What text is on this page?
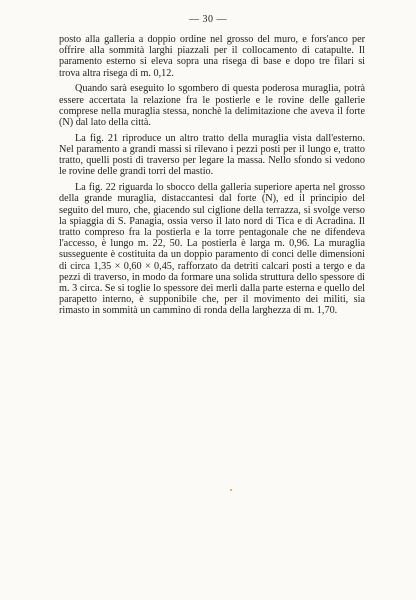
— 30 —

posto alla galleria a doppio ordine nel grosso del muro, e fors'anco per offrire alla sommità larghi piazzali per il collocamento di catapulte. Il paramento esterno si eleva sopra una risega di base e dopo tre filari si trova altra risega di m. 0,12.

Quando sarà eseguito lo sgombero di questa poderosa muraglia, potrà essere accertata la relazione fra le postierle e le rovine delle gallerie comprese nella muraglia stessa, nonchè la delimitazione che aveva il forte (N) dal lato della città.

La fig. 21 riproduce un altro tratto della muraglia vista dall'esterno. Nel paramento a grandi massi si rilevano i pezzi posti per il lungo e, tratto tratto, quelli posti di traverso per legare la massa. Nello sfondo si vedono le rovine delle grandi torri del mastio.

La fig. 22 riguarda lo sbocco della galleria superiore aperta nel grosso della grande muraglia, distaccantesi dal forte (N), ed il principio del seguito del muro, che, giacendo sul ciglione della terrazza, si svolge verso la spiaggia di S. Panagia, ossia verso il lato nord di Tica e di Acradina. Il tratto compreso fra la postierla e la torre pentagonale che ne difendeva l'accesso, è lungo m. 22, 50. La postierla è larga m. 0,96. La muraglia susseguente è costituita da un doppio paramento di conci delle dimensioni di circa 1,35 × 0,60 × 0,45, rafforzato da detriti calcari posti a tergo e da pezzi di traverso, in modo da formare una solida struttura dello spessore di m. 3 circa. Se si toglie lo spessore dei merli dalla parte esterna e quello del parapetto interno, è supponibile che, per il movimento dei militi, sia rimasto in sommità un cammino di ronda della larghezza di m. 1,70.
